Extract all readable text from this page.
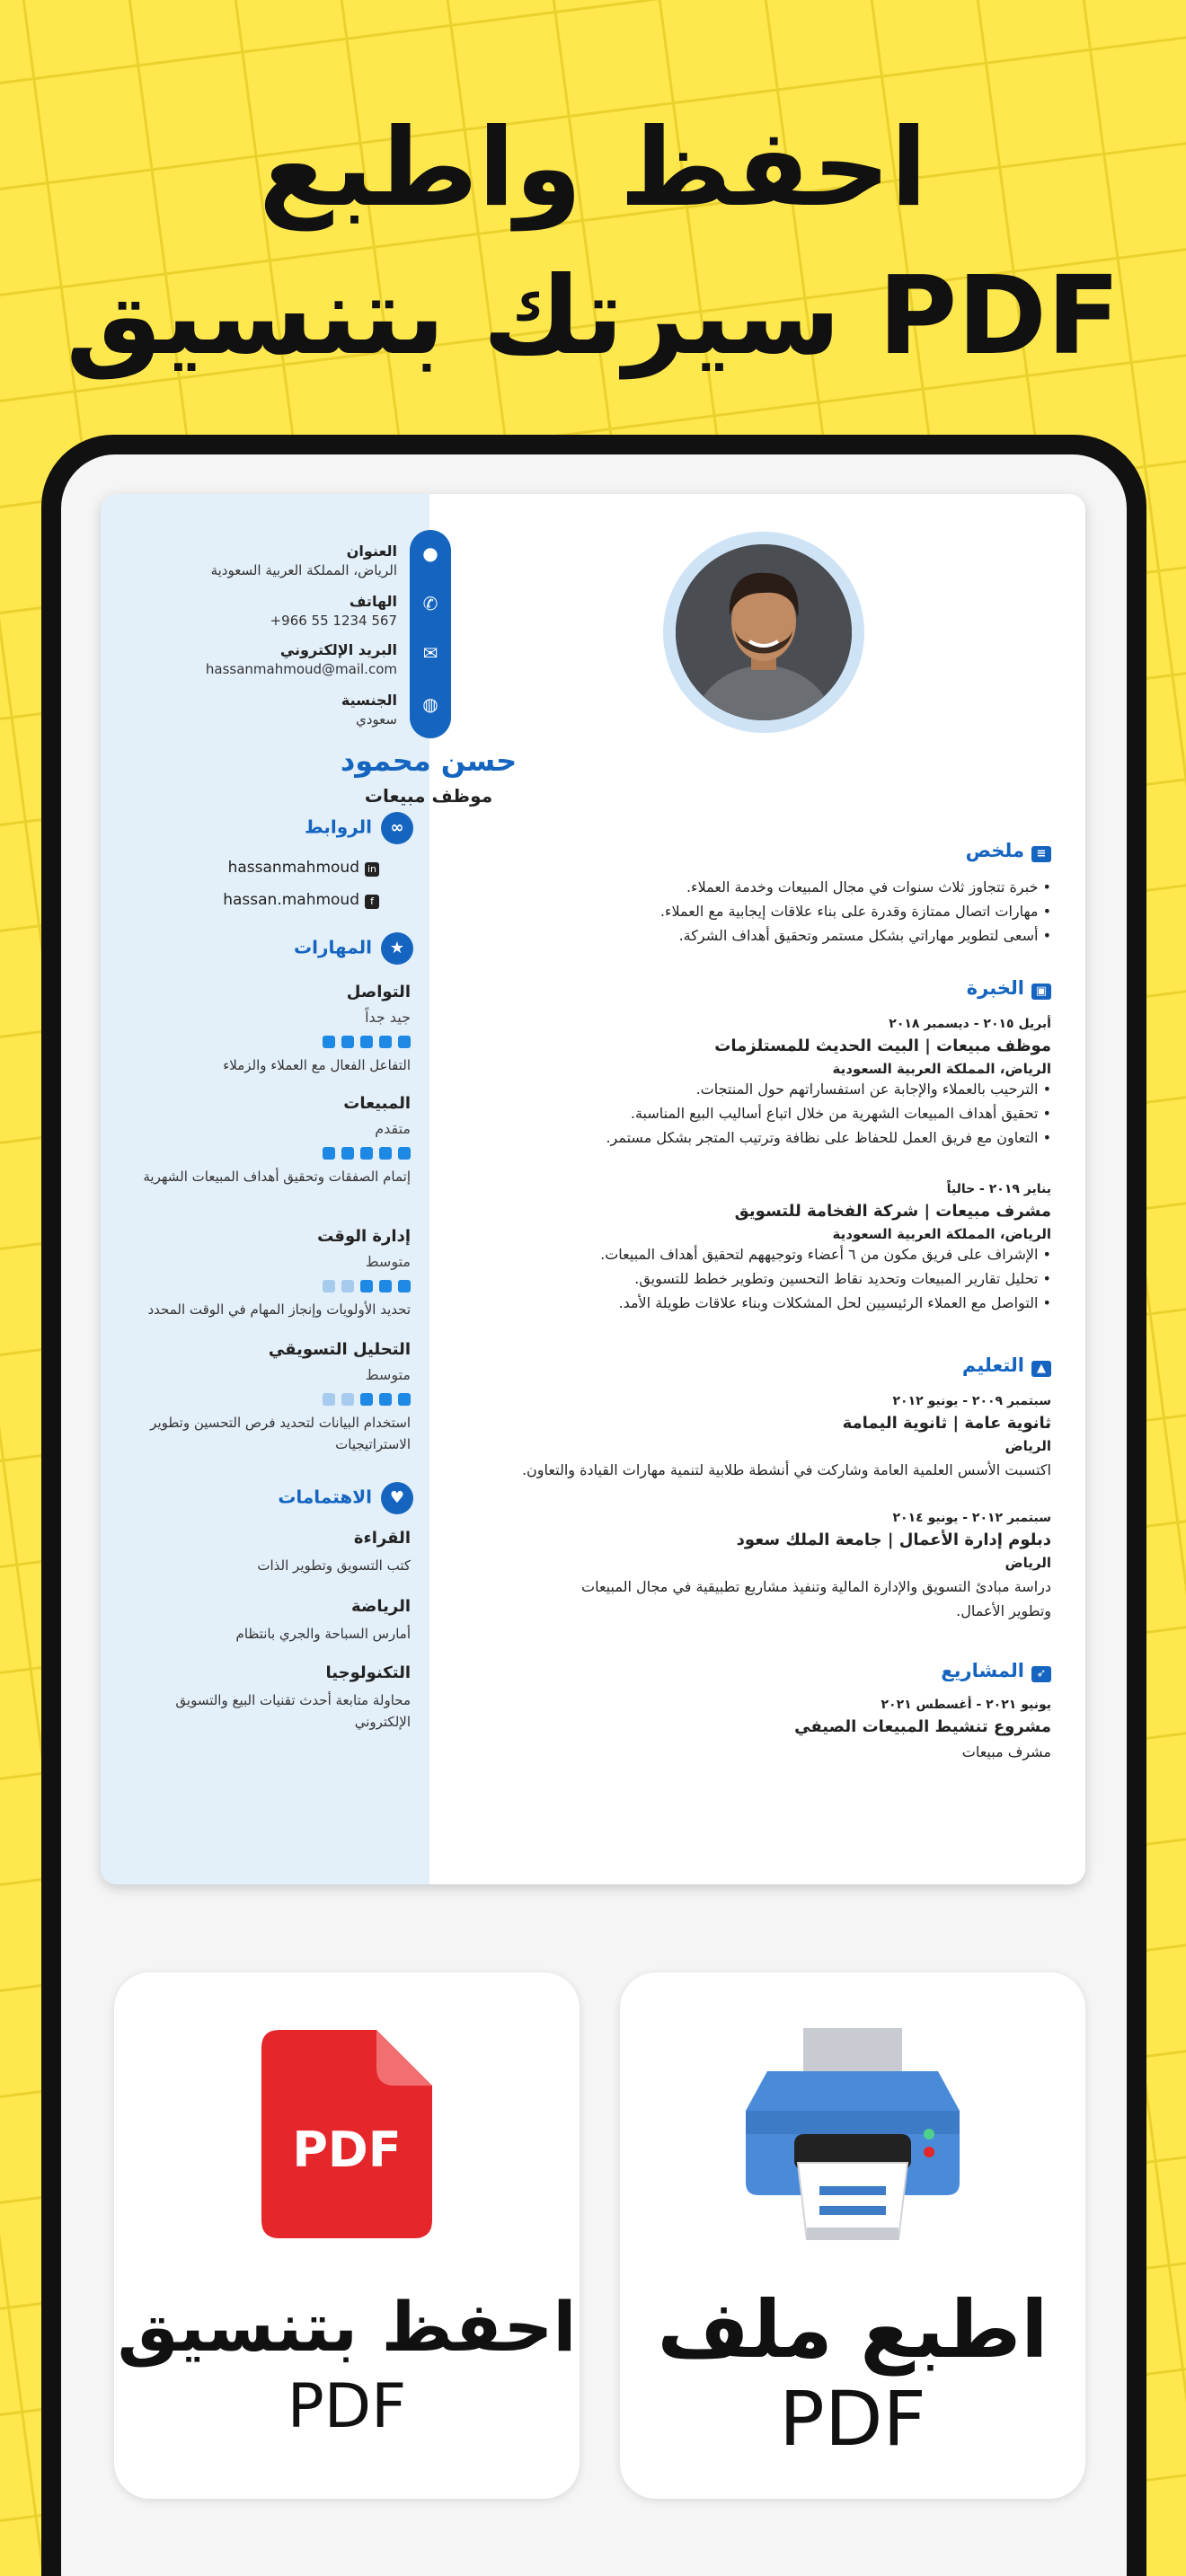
احفظ واطبع
سيرتك بتنسيق PDF
●
✆
✉
◍
العنوان
الرياض، المملكة العربية السعودية
الهاتف
+966 55 1234 567
البريد الإلكتروني
hassanmahmoud@mail.com
الجنسية
سعودي
∞الروابط
hassanmahmoud in
hassan.mahmoud f
★المهارات
التواصل
جيد جداً
التفاعل الفعال مع العملاء والزملاء
المبيعات
متقدم
إتمام الصفقات وتحقيق أهداف المبيعات الشهرية
إدارة الوقت
متوسط
تحديد الأولويات وإنجاز المهام في الوقت المحدد
التحليل التسويقي
متوسط
استخدام البيانات لتحديد فرص التحسين وتطوير الاستراتيجيات
♥الاهتمامات
القراءة
كتب التسويق وتطوير الذات
الرياضة
أمارس السباحة والجري بانتظام
التكنولوجيا
محاولة متابعة أحدث تقنيات البيع والتسويق الإلكتروني
حسن محمود
موظف مبيعات
≡ملخص
• خبرة تتجاوز ثلاث سنوات في مجال المبيعات وخدمة العملاء.
• مهارات اتصال ممتازة وقدرة على بناء علاقات إيجابية مع العملاء.
• أسعى لتطوير مهاراتي بشكل مستمر وتحقيق أهداف الشركة.
▣الخبرة
أبريل ٢٠١٥ - ديسمبر ٢٠١٨
موظف مبيعات | البيت الحديث للمستلزمات
الرياض، المملكة العربية السعودية
• الترحيب بالعملاء والإجابة عن استفساراتهم حول المنتجات.
• تحقيق أهداف المبيعات الشهرية من خلال اتباع أساليب البيع المناسبة.
• التعاون مع فريق العمل للحفاظ على نظافة وترتيب المتجر بشكل مستمر.
يناير ٢٠١٩ - حالياً
مشرف مبيعات | شركة الفخامة للتسويق
الرياض، المملكة العربية السعودية
• الإشراف على فريق مكون من ٦ أعضاء وتوجيههم لتحقيق أهداف المبيعات.
• تحليل تقارير المبيعات وتحديد نقاط التحسين وتطوير خطط للتسويق.
• التواصل مع العملاء الرئيسيين لحل المشكلات وبناء علاقات طويلة الأمد.
▲التعليم
سبتمبر ٢٠٠٩ - يونيو ٢٠١٢
ثانوية عامة | ثانوية اليمامة
الرياض
اكتسبت الأسس العلمية العامة وشاركت في أنشطة طلابية لتنمية مهارات القيادة والتعاون.
سبتمبر ٢٠١٢ - يونيو ٢٠١٤
دبلوم إدارة الأعمال | جامعة الملك سعود
الرياض
دراسة مبادئ التسويق والإدارة المالية وتنفيذ مشاريع تطبيقية في مجال المبيعات وتطوير الأعمال.
➶المشاريع
يونيو ٢٠٢١ - أغسطس ٢٠٢١
مشروع تنشيط المبيعات الصيفي
مشرف مبيعات
PDF
احفظ بتنسيق
PDF
اطبع ملف
PDF
